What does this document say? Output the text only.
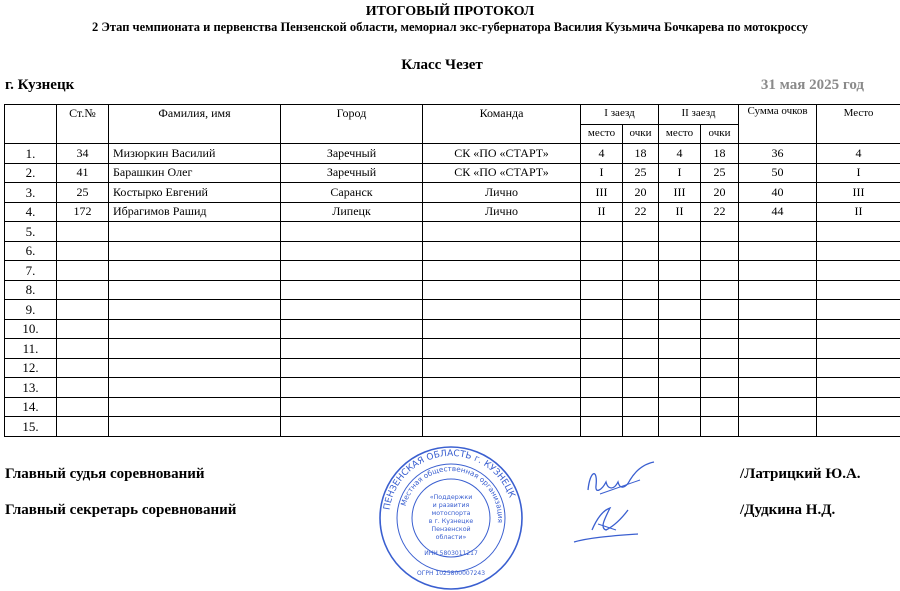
ИТОГОВЫЙ ПРОТОКОЛ
2 Этап чемпионата и первенства Пензенской области, мемориал экс-губернатора Василия Кузьмича Бочкарева по мотокроссу
Класс Чезет
г. Кузнецк	31 мая 2025 год
	Ст.№	Фамилия, имя	Город	Команда	I заезд		II заезд		Сумма очков	Место
					место	очки	место	очки		
1.	34	Мизюркин Василий	Заречный	СК «ПО «СТАРТ»	4	18	4	18	36	4
2.	41	Барашкин Олег	Заречный	СК «ПО «СТАРТ»	I	25	I	25	50	I
3.	25	Костырко Евгений	Саранск	Лично	III	20	III	20	40	III
4.	172	Ибрагимов Рашид	Липецк	Лично	II	22	II	22	44	II
5.										
6.										
7.										
8.										
9.										
10.										
11.										
12.										
13.										
14.										
15.										
Главный судья соревнований	/Латрицкий Ю.А.
Главный секретарь соревнований	/Дудкина Н.Д.
ПЕНЗЕНСКАЯ ОБЛАСТЬ г. КУЗНЕЦК
Местная общественная организация
«Поддержки
и развития
мотоспорта
в г. Кузнецке
Пензенской
области»
ИНН 5803011217
ОГРН 1025800007243
